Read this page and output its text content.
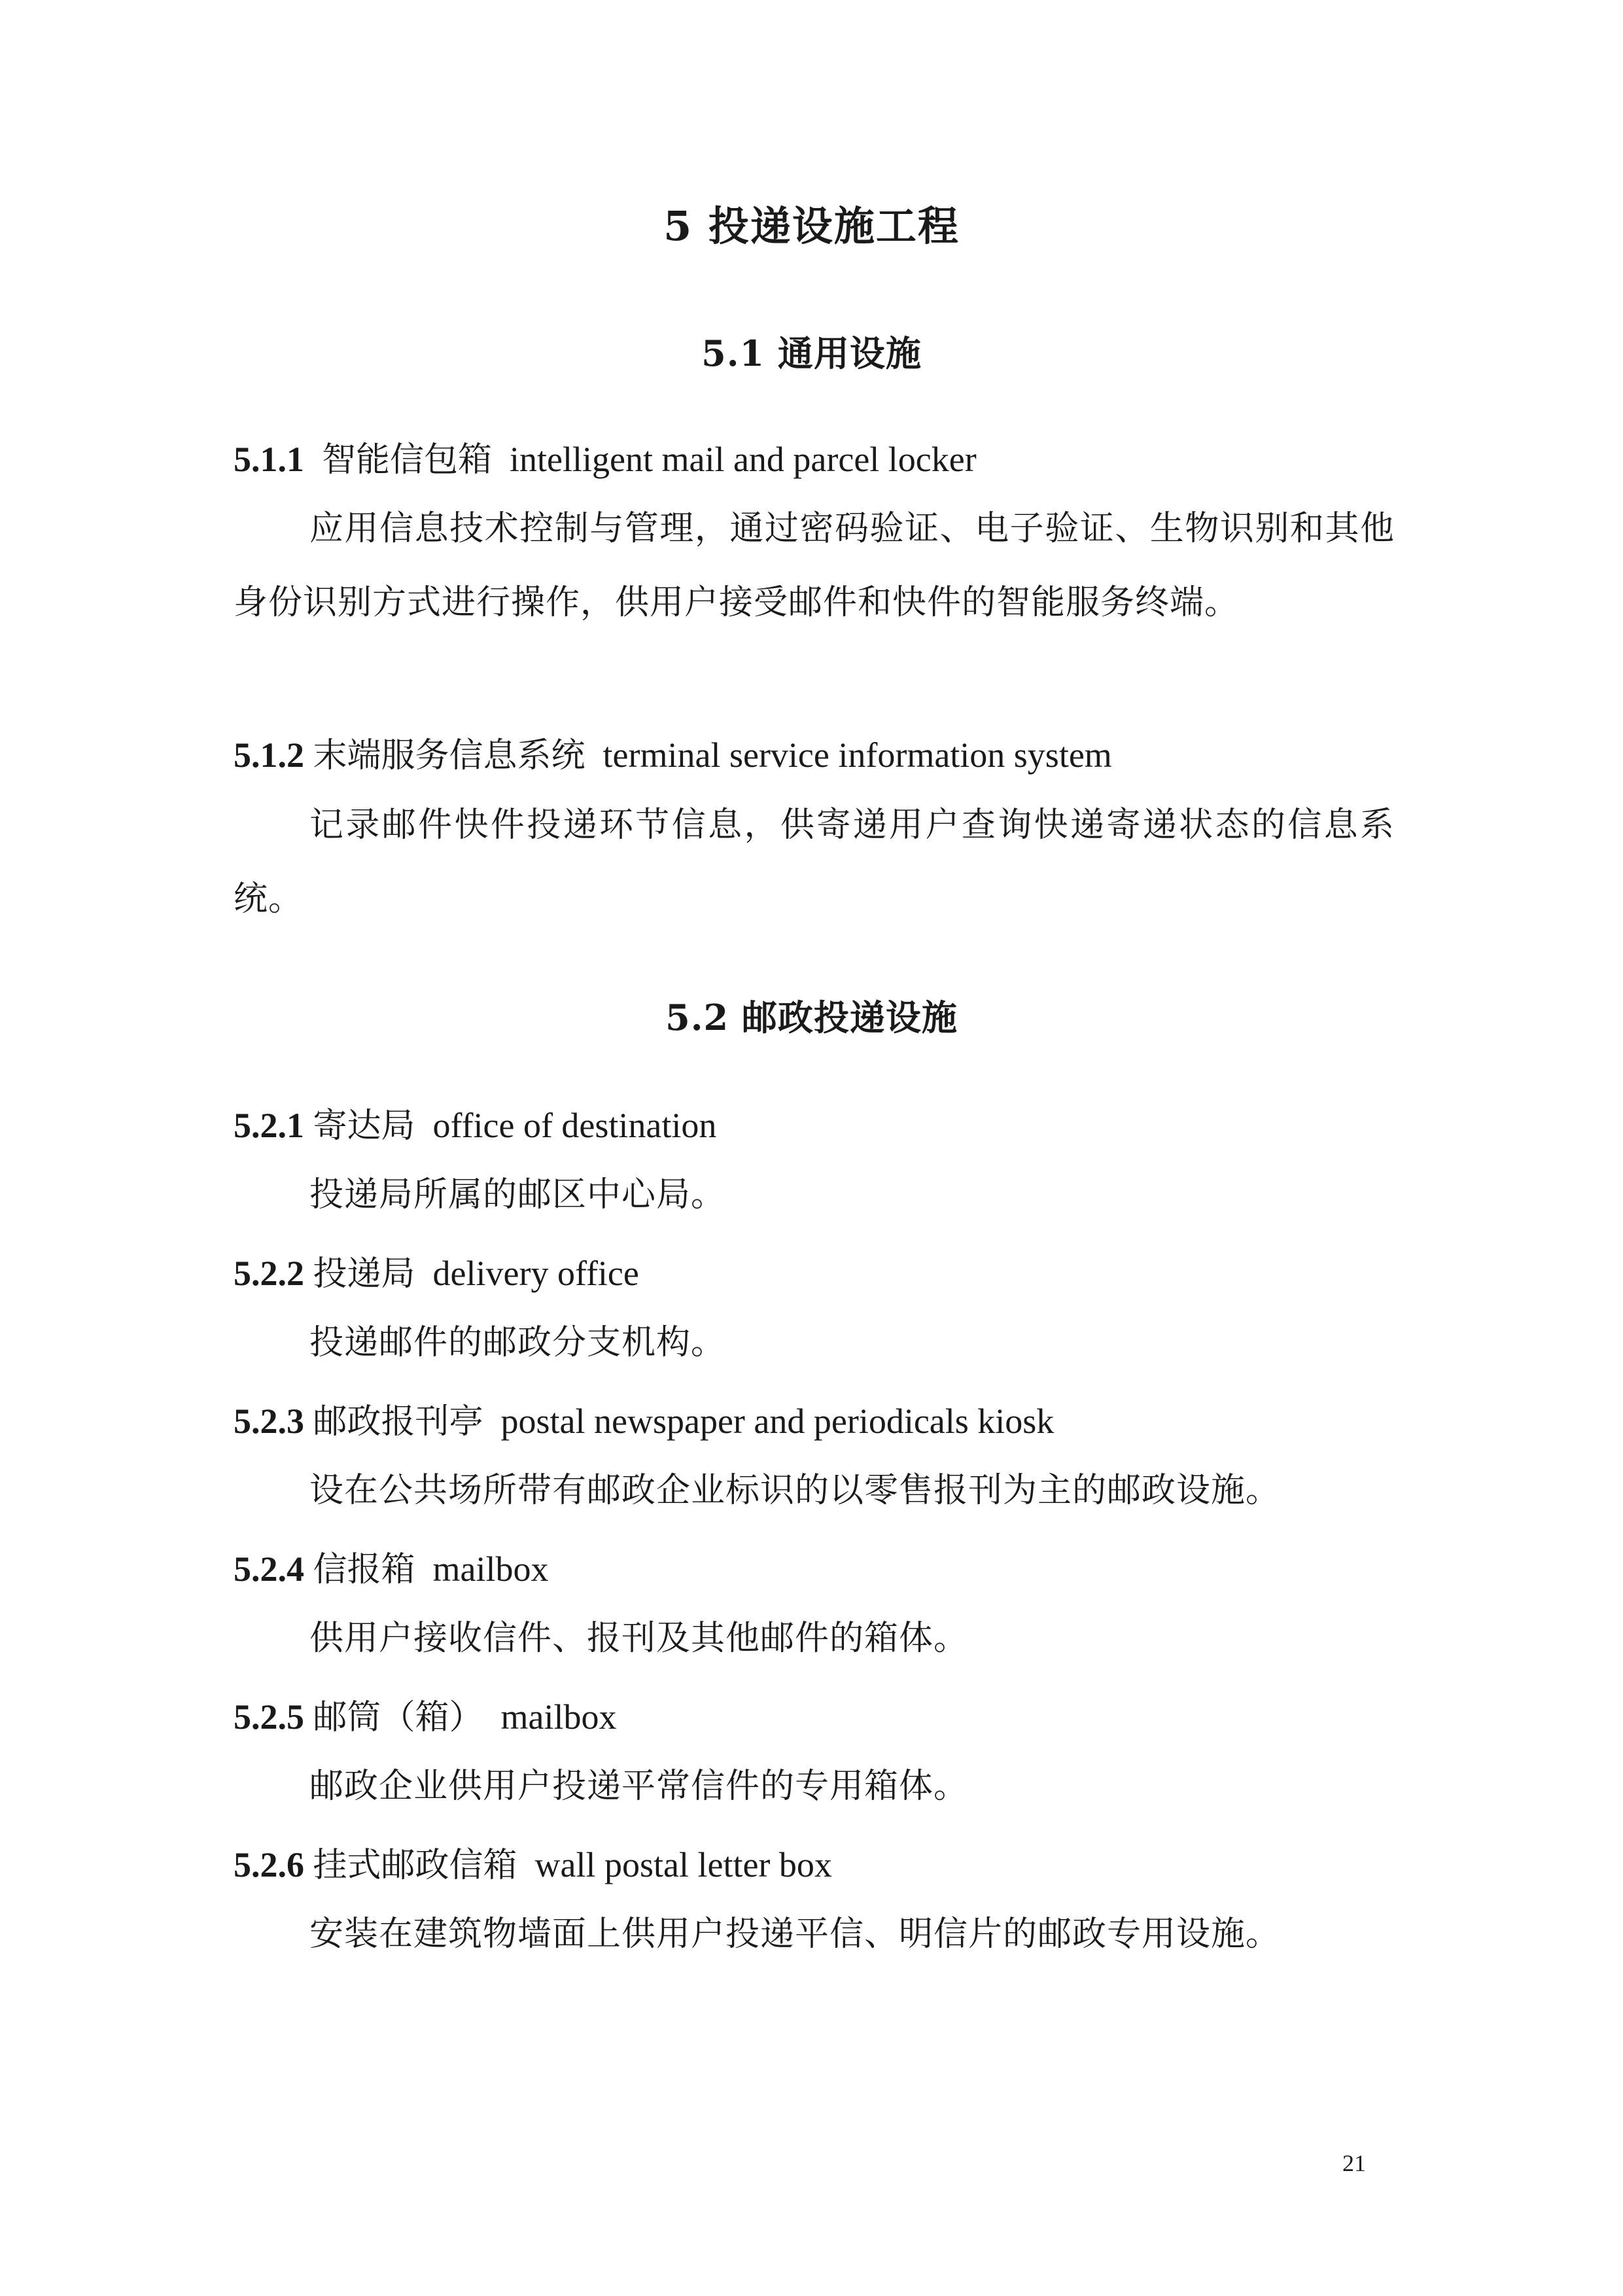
5 投递设施工程
5.1 通用设施
5.1.1 智能信包箱 intelligent mail and parcel locker
应用信息技术控制与管理，通过密码验证、电子验证、生物识别和其他身份识别方式进行操作，供用户接受邮件和快件的智能服务终端。
5.1.2 末端服务信息系统 terminal service information system
记录邮件快件投递环节信息，供寄递用户查询快递寄递状态的信息系统。
5.2 邮政投递设施
5.2.1 寄达局 office of destination
投递局所属的邮区中心局。
5.2.2 投递局 delivery office
投递邮件的邮政分支机构。
5.2.3 邮政报刊亭 postal newspaper and periodicals kiosk
设在公共场所带有邮政企业标识的以零售报刊为主的邮政设施。
5.2.4 信报箱 mailbox
供用户接收信件、报刊及其他邮件的箱体。
5.2.5 邮筒（箱） mailbox
邮政企业供用户投递平常信件的专用箱体。
5.2.6 挂式邮政信箱 wall postal letter box
安装在建筑物墙面上供用户投递平信、明信片的邮政专用设施。
21
